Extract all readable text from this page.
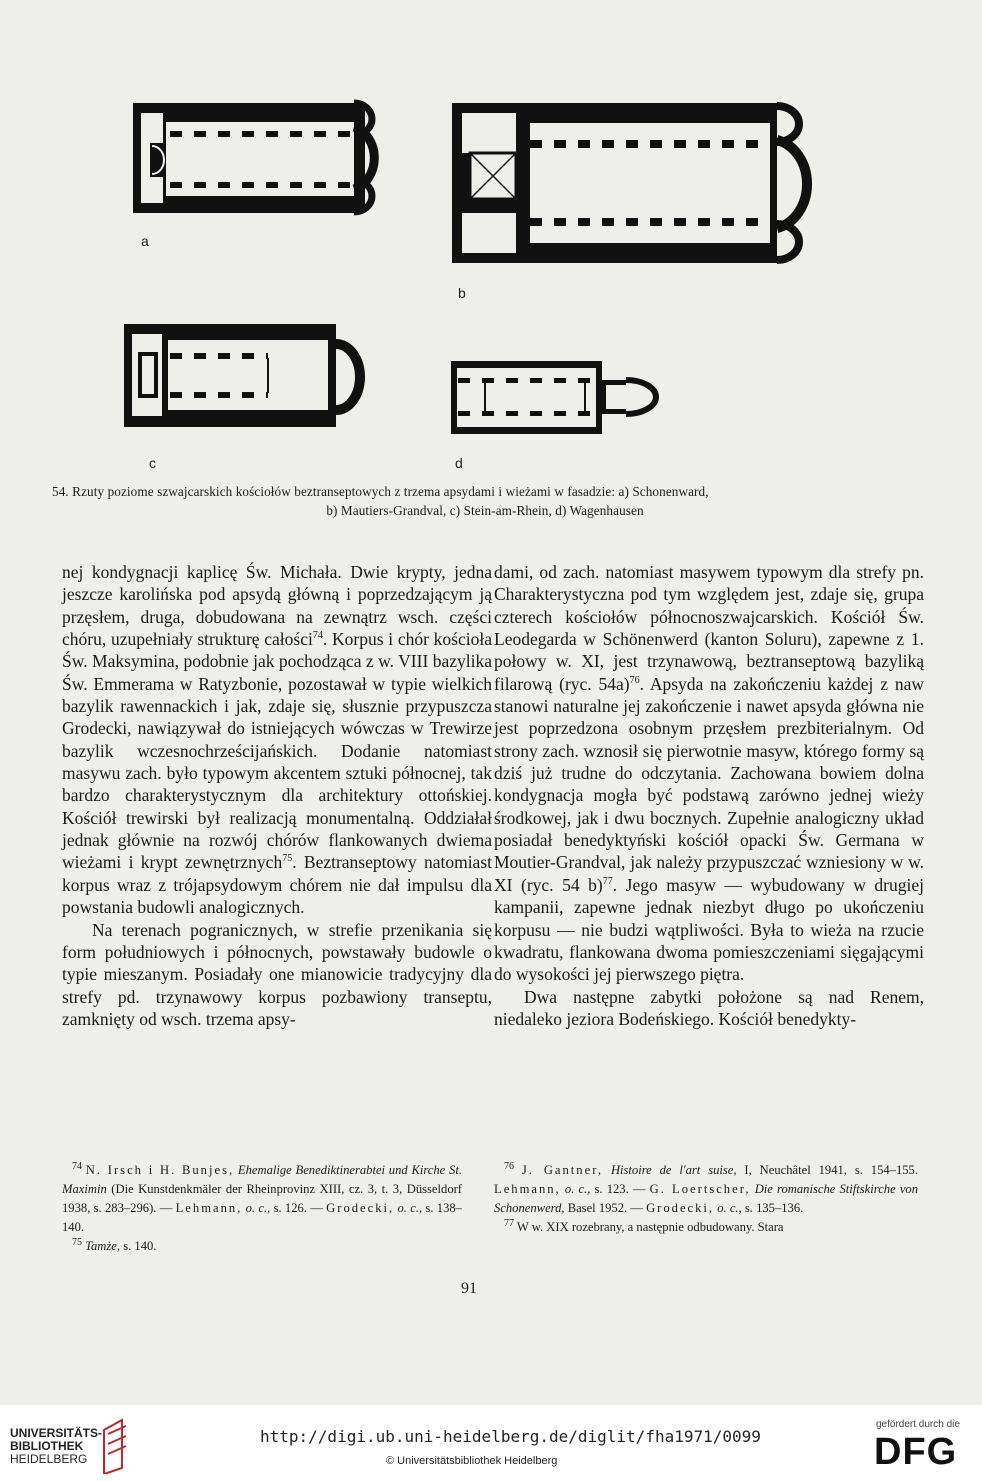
a
b
c	d
54. Rzuty poziome szwajcarskich kościołów beztranseptowych z trzema apsydami i wieżami w fasadzie: a) Schonenward,
b) Mautiers-Grandval, c) Stein-am-Rhein, d) Wagenhausen

nej kondygnacji kaplicę Św. Michała. Dwie krypty, jedna jeszcze karolińska pod apsydą główną i poprzedzającym ją przęsłem, druga, dobudowana na zewnątrz wsch. części chóru, uzupełniały strukturę całości$^{74}$. Korpus i chór kościoła Św. Maksymina, podobnie jak pochodząca z w. VIII bazylika Św. Emmerama w Ratyzbonie, pozostawał w typie wielkich bazylik rawennackich i jak, zdaje się, słusznie przypuszcza Grodecki, nawiązywał do istniejących wówczas w Trewirze bazylik wczesnochrześcijańskich. Dodanie natomiast masywu zach. było typowym akcentem sztuki północnej, tak bardzo charakterystycznym dla architektury ottońskiej. Kościół trewirski był realizacją monumentalną. Oddziałał jednak głównie na rozwój chórów flankowanych dwiema wieżami i krypt zewnętrznych$^{75}$. Beztranseptowy natomiast korpus wraz z trójapsydowym chórem nie dał impulsu dla powstania budowli analogicznych.

Na terenach pogranicznych, w strefie przenikania się form południowych i północnych, powstawały budowle o typie mieszanym. Posiadały one mianowicie tradycyjny dla strefy pd. trzynawowy korpus pozbawiony transeptu, zamknięty od wsch. trzema apsy-

dami, od zach. natomiast masywem typowym dla strefy pn. Charakterystyczna pod tym względem jest, zdaje się, grupa czterech kościołów północnoszwajcarskich. Kościół Św. Leodegarda w Schönenwerd (kanton Soluru), zapewne z 1. połowy w. XI, jest trzynawową, beztranseptową bazyliką filarową (ryc. 54a)$^{76}$. Apsyda na zakończeniu każdej z naw stanowi naturalne jej zakończenie i nawet apsyda główna nie jest poprzedzona osobnym przęsłem prezbiterialnym. Od strony zach. wznosił się pierwotnie masyw, którego formy są dziś już trudne do odczytania. Zachowana bowiem dolna kondygnacja mogła być podstawą zarówno jednej wieży środkowej, jak i dwu bocznych. Zupełnie analogiczny układ posiadał benedyktyński kościół opacki Św. Germana w Moutier-Grandval, jak należy przypuszczać wzniesiony w w. XI (ryc. 54 b)$^{77}$. Jego masyw — wybudowany w drugiej kampanii, zapewne jednak niezbyt długo po ukończeniu korpusu — nie budzi wątpliwości. Była to wieża na rzucie kwadratu, flankowana dwoma pomieszczeniami sięgającymi do wysokości jej pierwszego piętra.

Dwa następne zabytki położone są nad Renem, niedaleko jeziora Bodeńskiego. Kościół benedykty-

$^{74}$ N. Irsch i H. Bunjes, Ehemalige Benediktinerabtei und Kirche St. Maximin (Die Kunstdenkmäler der Rheinprovinz XIII, cz. 3, t. 3, Düsseldorf 1938, s. 283–296). — Lehmann, o. c., s. 126. — Grodecki, o. c., s. 138–140.

$^{75}$ Tamże, s. 140.

$^{76}$ J. Gantner, Histoire de l'art suise, I, Neuchâtel 1941, s. 154–155. Lehmann, o. c., s. 123. — G. Loertscher, Die romanische Stiftskirche von Schonenwerd, Basel 1952. — Grodecki, o. c., s. 135–136.

$^{77}$ W w. XIX rozebrany, a następnie odbudowany. Stara

91
UNIVERSITÄTS-
BIBLIOTHEK
HEIDELBERG
http://digi.ub.uni-heidelberg.de/diglit/fha1971/0099
© Universitätsbibliothek Heidelberg
gefördert durch die
DFG
